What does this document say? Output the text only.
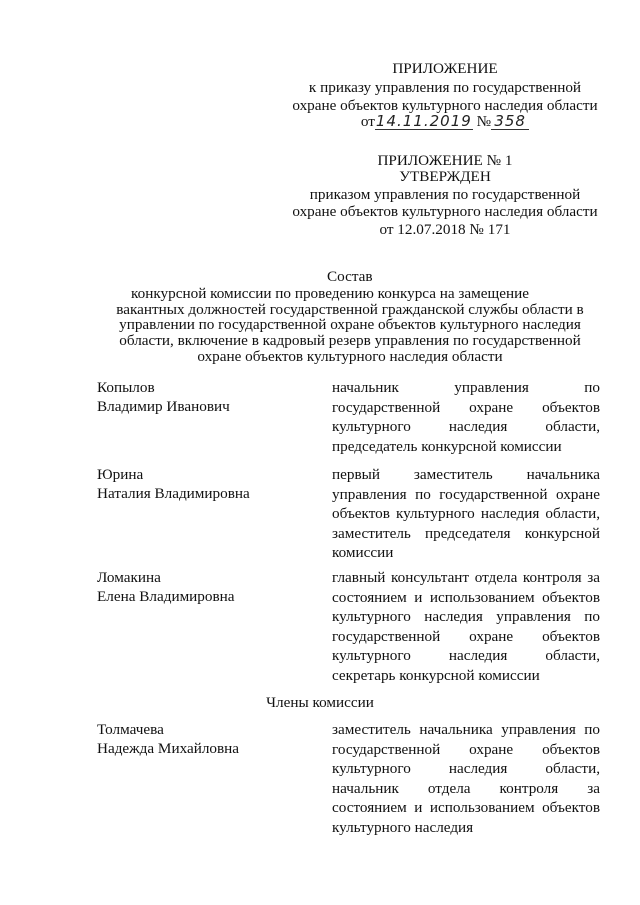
ПРИЛОЖЕНИЕ
к приказу управления по государственной
охране объектов культурного наследия области
от14.11.2019 № 358
ПРИЛОЖЕНИЕ № 1
УТВЕРЖДЕН
приказом управления по государственной
охране объектов культурного наследия области
от 12.07.2018 № 171
Состав
конкурсной комиссии по проведению конкурса на замещение
вакантных должностей государственной гражданской службы области в
управлении по государственной охране объектов культурного наследия
области, включение в кадровый резерв управления по государственной
охране объектов культурного наследия области
Копылов
Владимир Иванович
начальник управления по
государственной охране объектов
культурного наследия области,
председатель конкурсной комиссии
Юрина
Наталия Владимировна
первый заместитель начальника
управления по государственной охране
объектов культурного наследия области,
заместитель председателя конкурсной
комиссии
Ломакина
Елена Владимировна
главный консультант отдела контроля за
состоянием и использованием объектов
культурного наследия управления по
государственной охране объектов
культурного наследия области,
секретарь конкурсной комиссии
Члены комиссии
Толмачева
Надежда Михайловна
заместитель начальника управления по
государственной охране объектов
культурного наследия области,
начальник отдела контроля за
состоянием и использованием объектов
культурного наследия
